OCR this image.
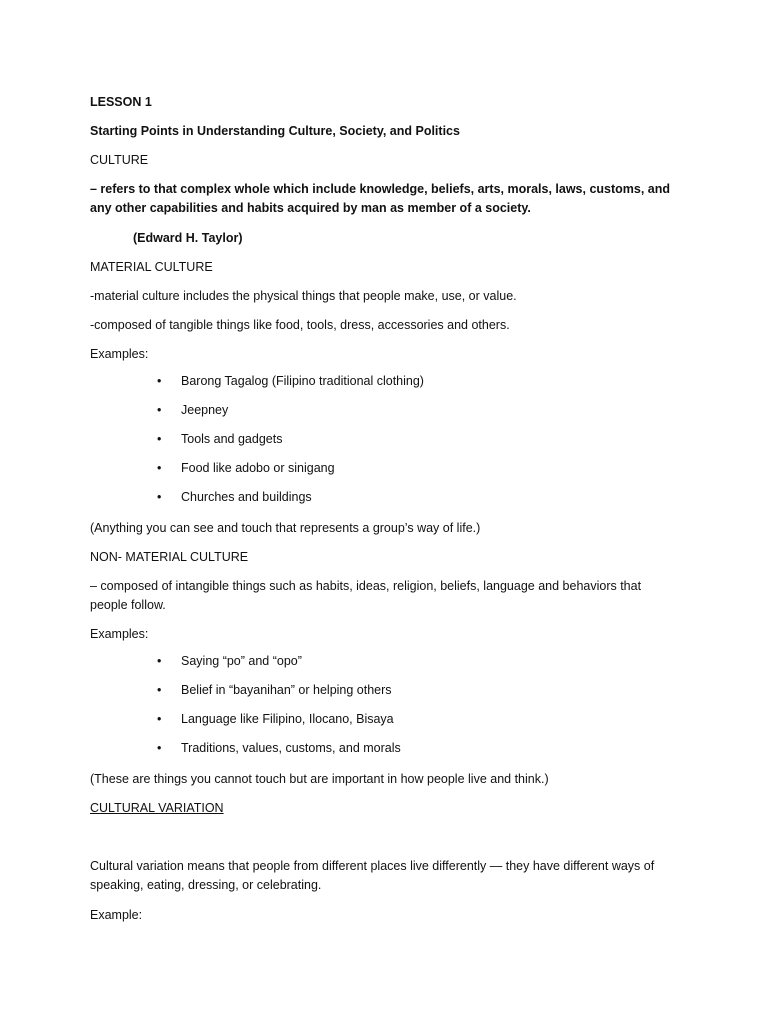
LESSON 1
Starting Points in Understanding Culture, Society, and Politics
CULTURE
– refers to that complex whole which include knowledge, beliefs, arts, morals, laws, customs, and any other capabilities and habits acquired by man as member of a society.
(Edward H. Taylor)
MATERIAL CULTURE
-material culture includes the physical things that people make, use, or value.
-composed of tangible things like food, tools, dress, accessories and others.
Examples:
• Barong Tagalog (Filipino traditional clothing)
• Jeepney
• Tools and gadgets
• Food like adobo or sinigang
• Churches and buildings
(Anything you can see and touch that represents a group’s way of life.)
NON- MATERIAL CULTURE
– composed of intangible things such as habits, ideas, religion, beliefs, language and behaviors that people follow.
Examples:
• Saying “po” and “opo”
• Belief in “bayanihan” or helping others
• Language like Filipino, Ilocano, Bisaya
• Traditions, values, customs, and morals
(These are things you cannot touch but are important in how people live and think.)
CULTURAL VARIATION
Cultural variation means that people from different places live differently — they have different ways of speaking, eating, dressing, or celebrating.
Example:
